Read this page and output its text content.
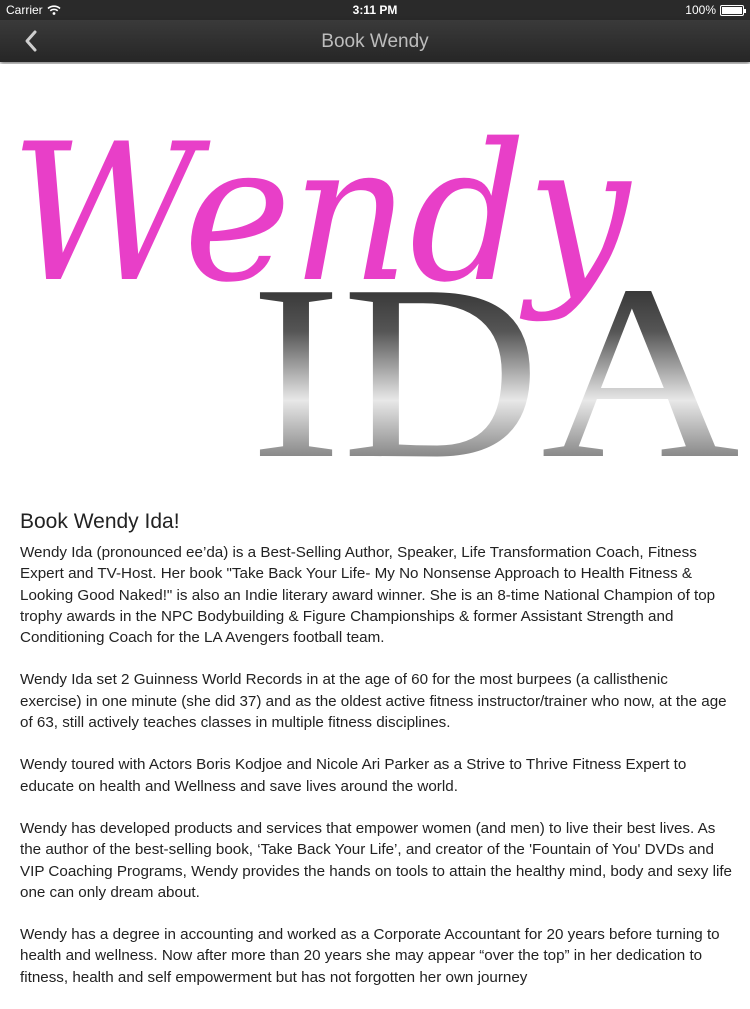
Carrier	3:11 PM	100%
Book Wendy
IDA
Wendy
Book Wendy Ida!

Wendy Ida (pronounced ee’da) is a Best-Selling Author, Speaker, Life Transformation Coach, Fitness Expert and TV-Host. Her book "Take Back Your Life- My No Nonsense Approach to Health Fitness & Looking Good Naked!" is also an Indie literary award winner. She is an 8-time National Champion of top trophy awards in the NPC Bodybuilding & Figure Championships & former Assistant Strength and Conditioning Coach for the LA Avengers football team.

Wendy Ida set 2 Guinness World Records in at the age of 60 for the most burpees (a callisthenic exercise) in one minute (she did 37) and as the oldest active fitness instructor/trainer who now, at the age of 63, still actively teaches classes in multiple fitness disciplines.

Wendy toured with Actors Boris Kodjoe and Nicole Ari Parker as a Strive to Thrive Fitness Expert to educate on health and Wellness and save lives around the world.

Wendy has developed products and services that empower women (and men) to live their best lives. As the author of the best-selling book, ‘Take Back Your Life’, and creator of the 'Fountain of You' DVDs and VIP Coaching Programs, Wendy provides the hands on tools to attain the healthy mind, body and sexy life one can only dream about.

Wendy has a degree in accounting and worked as a Corporate Accountant for 20 years before turning to health and wellness. Now after more than 20 years she may appear “over the top” in her dedication to fitness, health and self empowerment but has not forgotten her own journey
